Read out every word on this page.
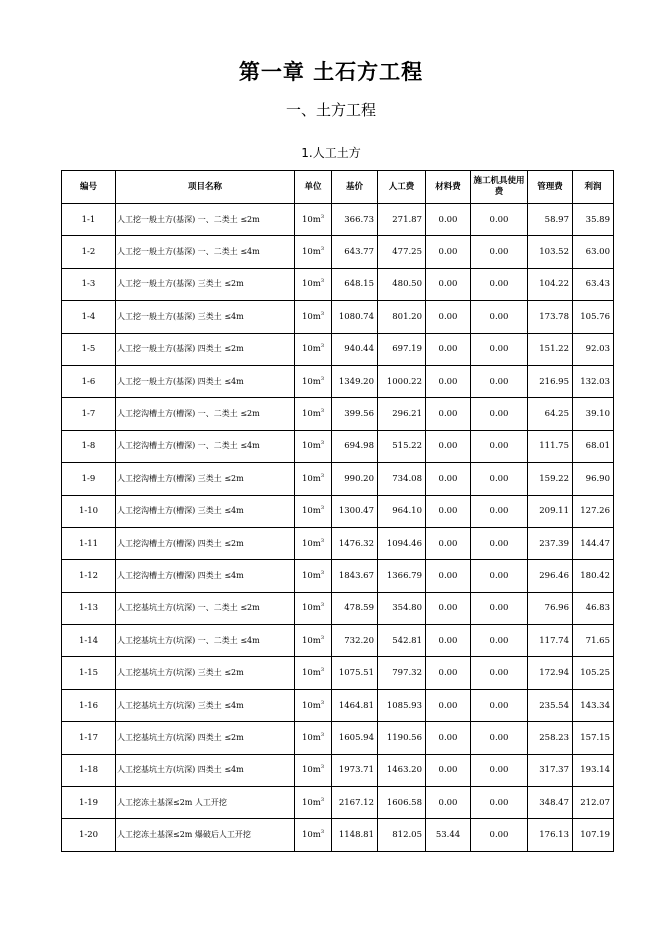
第一章 土石方工程
一、土方工程
1.人工土方
编号	项目名称	单位	基价	人工费	材料费	施工机具使用费	管理费	利润
1-1	人工挖一般土方(基深) 一、二类土 ≤2m	$10m^3$	366.73	271.87	0.00	0.00	58.97	35.89
1-2	人工挖一般土方(基深) 一、二类土 ≤4m	$10m^3$	643.77	477.25	0.00	0.00	103.52	63.00
1-3	人工挖一般土方(基深) 三类土 ≤2m	$10m^3$	648.15	480.50	0.00	0.00	104.22	63.43
1-4	人工挖一般土方(基深) 三类土 ≤4m	$10m^3$	1080.74	801.20	0.00	0.00	173.78	105.76
1-5	人工挖一般土方(基深) 四类土 ≤2m	$10m^3$	940.44	697.19	0.00	0.00	151.22	92.03
1-6	人工挖一般土方(基深) 四类土 ≤4m	$10m^3$	1349.20	1000.22	0.00	0.00	216.95	132.03
1-7	人工挖沟槽土方(槽深) 一、二类土 ≤2m	$10m^3$	399.56	296.21	0.00	0.00	64.25	39.10
1-8	人工挖沟槽土方(槽深) 一、二类土 ≤4m	$10m^3$	694.98	515.22	0.00	0.00	111.75	68.01
1-9	人工挖沟槽土方(槽深) 三类土 ≤2m	$10m^3$	990.20	734.08	0.00	0.00	159.22	96.90
1-10	人工挖沟槽土方(槽深) 三类土 ≤4m	$10m^3$	1300.47	964.10	0.00	0.00	209.11	127.26
1-11	人工挖沟槽土方(槽深) 四类土 ≤2m	$10m^3$	1476.32	1094.46	0.00	0.00	237.39	144.47
1-12	人工挖沟槽土方(槽深) 四类土 ≤4m	$10m^3$	1843.67	1366.79	0.00	0.00	296.46	180.42
1-13	人工挖基坑土方(坑深) 一、二类土 ≤2m	$10m^3$	478.59	354.80	0.00	0.00	76.96	46.83
1-14	人工挖基坑土方(坑深) 一、二类土 ≤4m	$10m^3$	732.20	542.81	0.00	0.00	117.74	71.65
1-15	人工挖基坑土方(坑深) 三类土 ≤2m	$10m^3$	1075.51	797.32	0.00	0.00	172.94	105.25
1-16	人工挖基坑土方(坑深) 三类土 ≤4m	$10m^3$	1464.81	1085.93	0.00	0.00	235.54	143.34
1-17	人工挖基坑土方(坑深) 四类土 ≤2m	$10m^3$	1605.94	1190.56	0.00	0.00	258.23	157.15
1-18	人工挖基坑土方(坑深) 四类土 ≤4m	$10m^3$	1973.71	1463.20	0.00	0.00	317.37	193.14
1-19	人工挖冻土基深≤2m 人工开挖	$10m^3$	2167.12	1606.58	0.00	0.00	348.47	212.07
1-20	人工挖冻土基深≤2m 爆破后人工开挖	$10m^3$	1148.81	812.05	53.44	0.00	176.13	107.19
